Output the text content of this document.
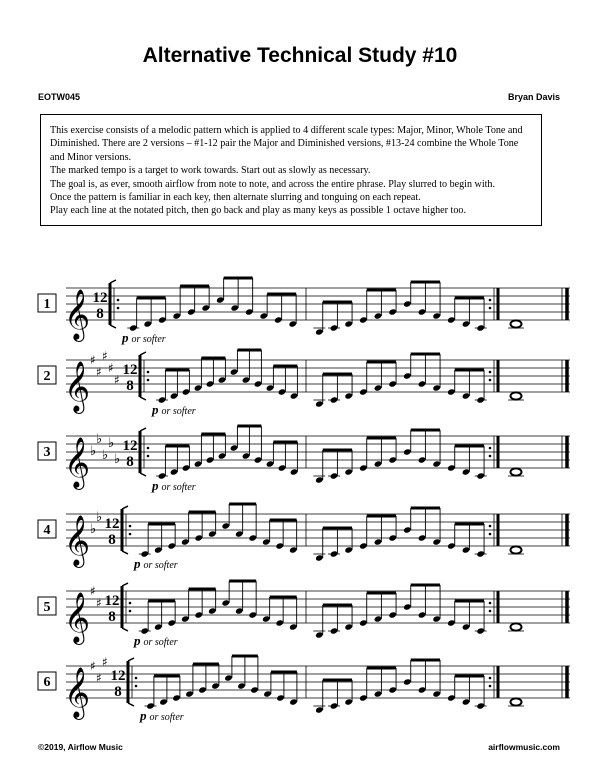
Alternative Technical Study #10
EOTW045	Bryan Davis

This exercise consists of a melodic pattern which is applied to 4 different scale types: Major, Minor, Whole Tone and Diminished. There are 2 versions – #1-12 pair the Major and Diminished versions, #13-24 combine the Whole Tone and Minor versions.

The marked tempo is a target to work towards. Start out as slowly as necessary.

The goal is, as ever, smooth airflow from note to note, and across the entire phrase. Play slurred to begin with.

Once the pattern is familiar in each key, then alternate slurring and tonguing on each repeat.

Play each line at the notated pitch, then go back and play as many keys as possible 1 octave higher too.

1 𝄞 12
8
p or softer
2 𝄞
♯
♯
♯
♯
♯
12
8
p or softer
3 𝄞 ♭
♭
♭
♭
♭
12
8
p or softer
4 𝄞 ♭
♭ 12
8
p or softer
5 𝄞
♯
♯ 12
8
p or softer
6 𝄞
♯
♯
♯
12
8
p or softer
©2019, Airflow Music	airflowmusic.com
